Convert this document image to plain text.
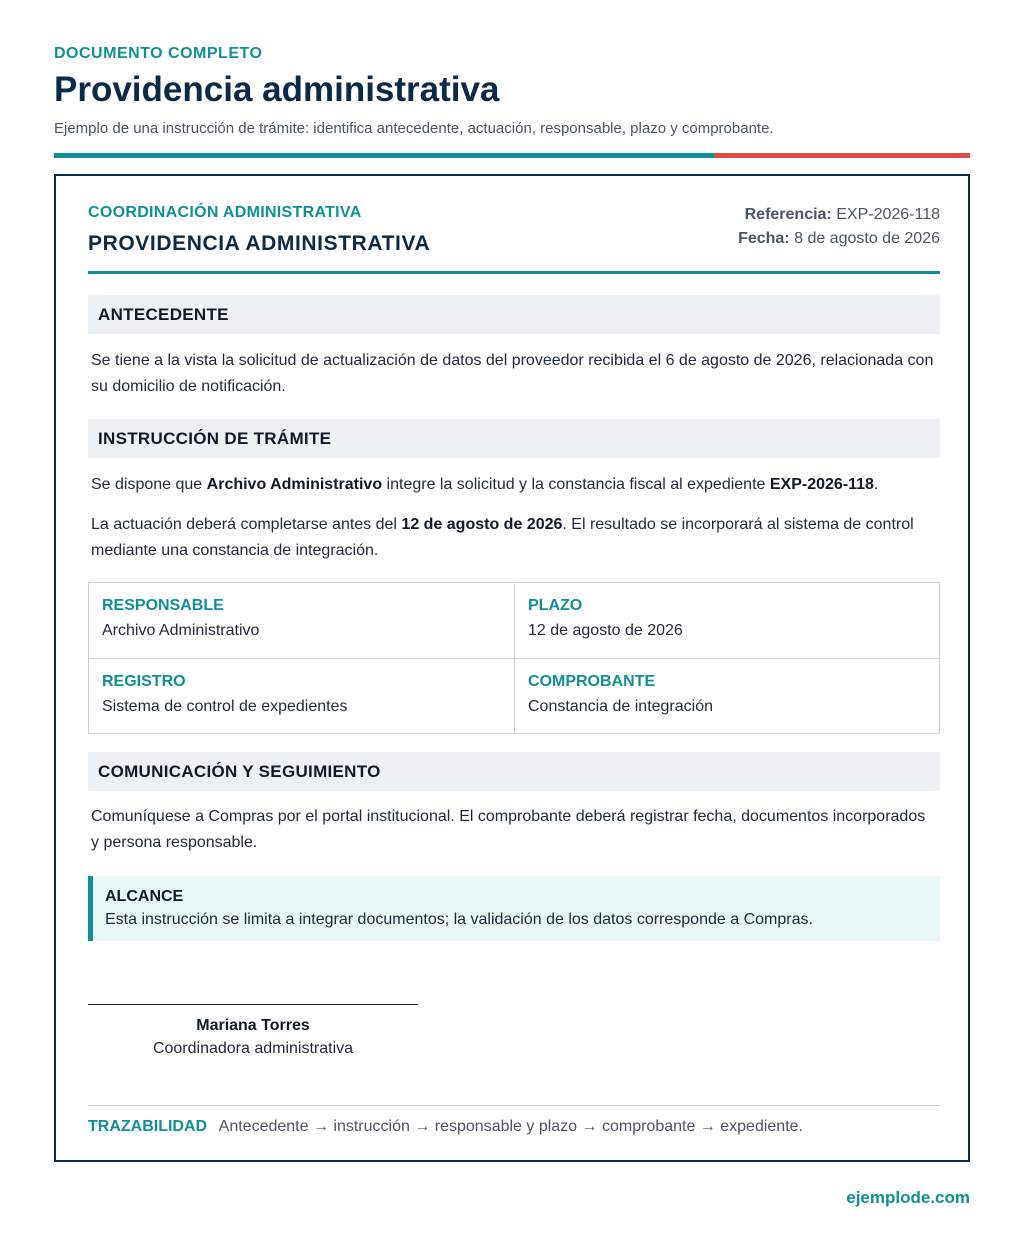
DOCUMENTO COMPLETO
Providencia administrativa

Ejemplo de una instrucción de trámite: identifica antecedente, actuación, responsable, plazo y comprobante.

COORDINACIÓN ADMINISTRATIVA
PROVIDENCIA ADMINISTRATIVA
Referencia: EXP-2026-118
Fecha: 8 de agosto de 2026
ANTECEDENTE

Se tiene a la vista la solicitud de actualización de datos del proveedor recibida el 6 de agosto de 2026, relacionada con su domicilio de notificación.

INSTRUCCIÓN DE TRÁMITE

Se dispone que Archivo Administrativo integre la solicitud y la constancia fiscal al expediente EXP-2026-118.

La actuación deberá completarse antes del 12 de agosto de 2026. El resultado se incorporará al sistema de control mediante una constancia de integración.

RESPONSABLE
Archivo Administrativo
PLAZO
12 de agosto de 2026
REGISTRO
Sistema de control de expedientes
COMPROBANTE
Constancia de integración
COMUNICACIÓN Y SEGUIMIENTO

Comuníquese a Compras por el portal institucional. El comprobante deberá registrar fecha, documentos incorporados y persona responsable.

ALCANCE
Esta instrucción se limita a integrar documentos; la validación de los datos corresponde a Compras.
Mariana Torres
Coordinadora administrativa
TRAZABILIDAD Antecedente → instrucción → responsable y plazo → comprobante → expediente.
ejemplode.com
